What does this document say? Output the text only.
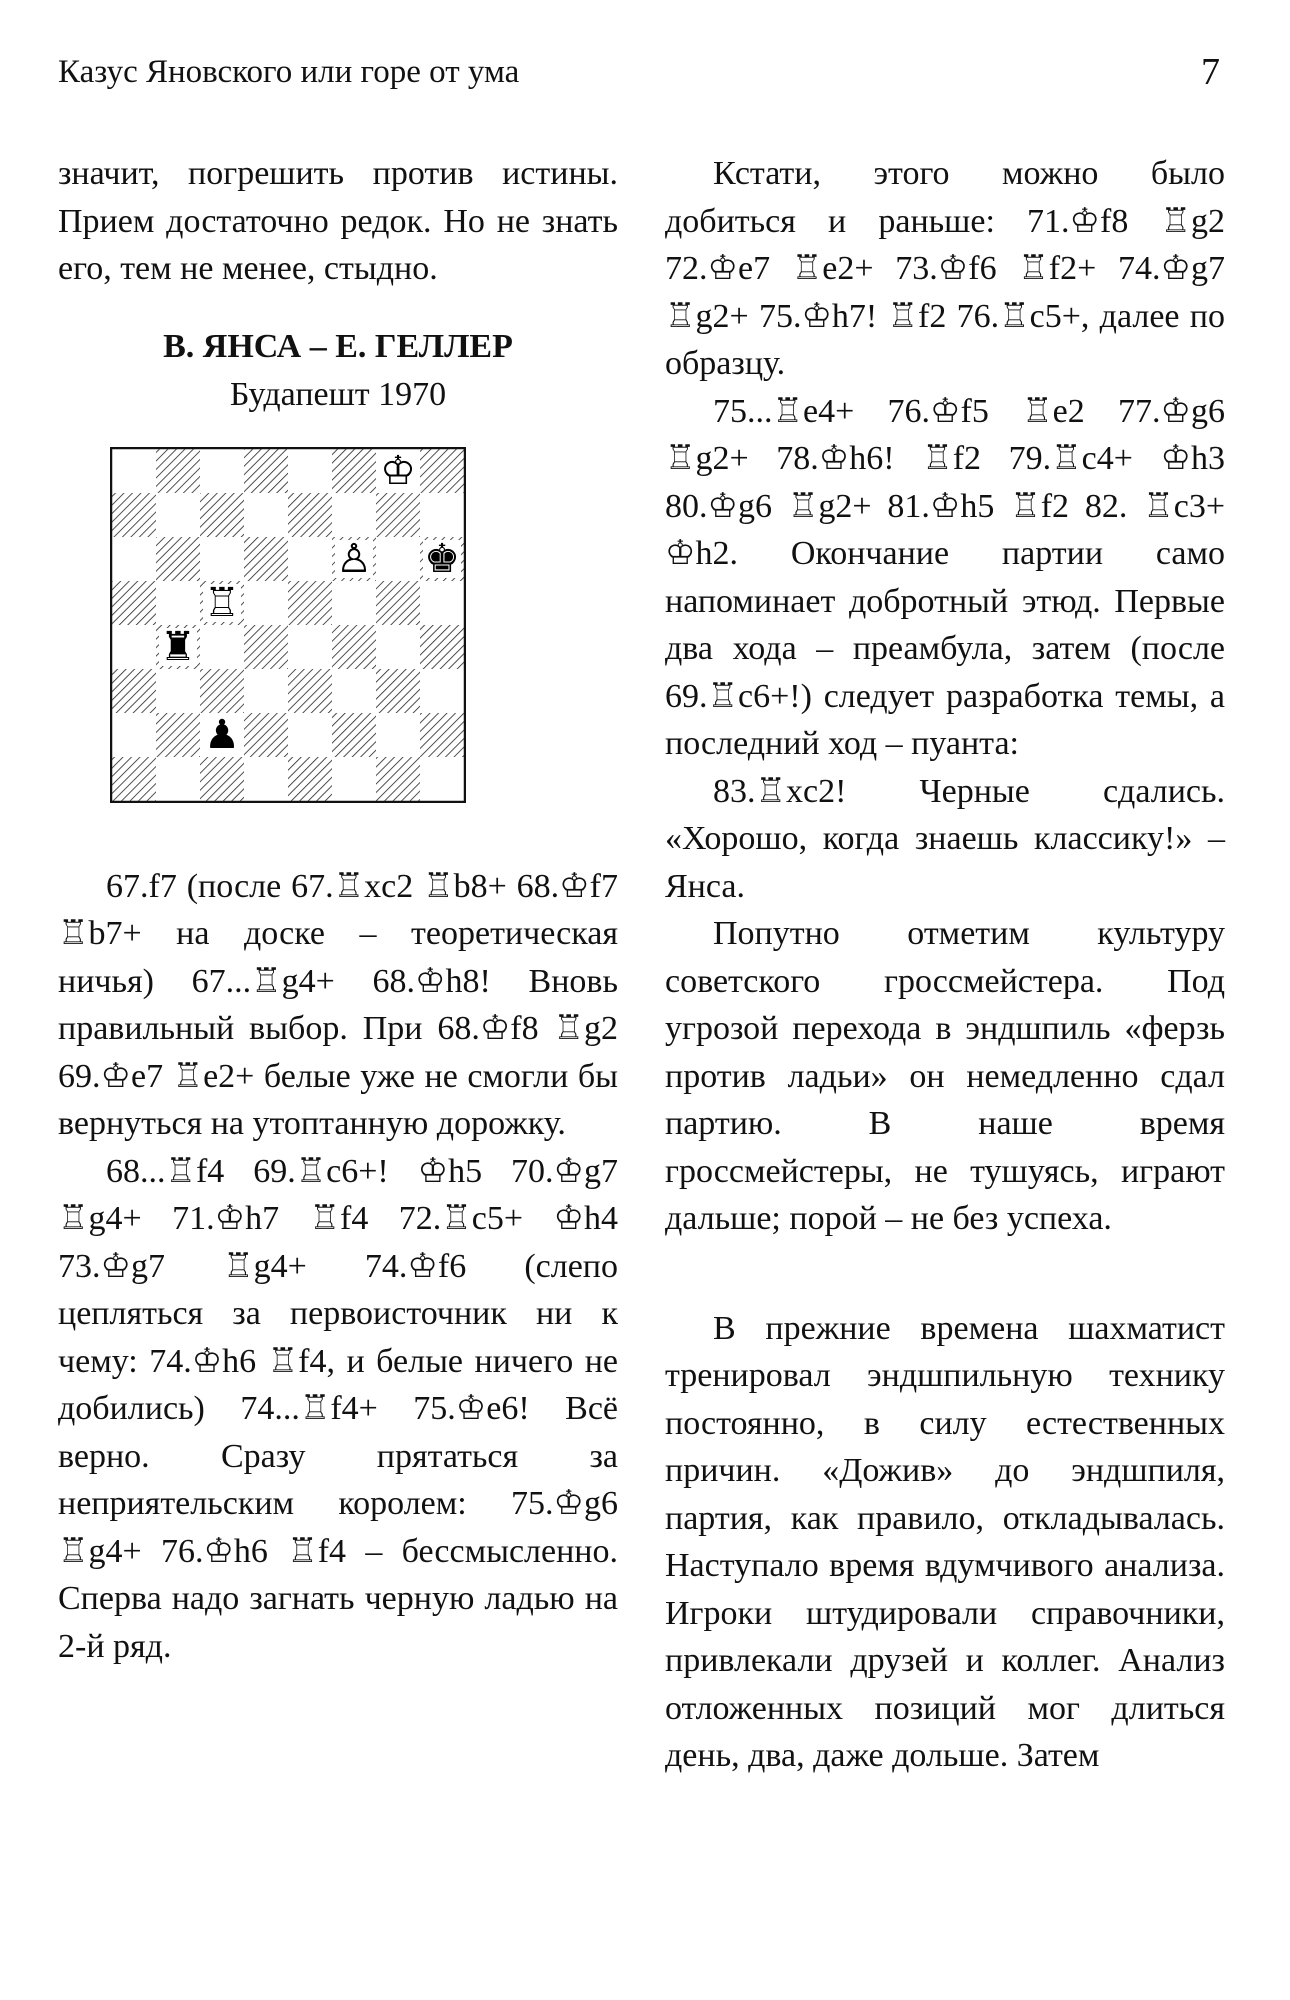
Казус Яновского или горе от ума	7

значит, погрешить против истины. Прием достаточно редок. Но не знать его, тем не менее, стыдно.

В. ЯНСА – Е. ГЕЛЛЕР
Будапешт 1970
♔
♚
♙
♖
♜
♟

67.f7 (после 67.♖xc2 ♖b8+ 68.♔f7 ♖b7+ на доске – теоретическая ничья) 67...♖g4+ 68.♔h8! Вновь правильный выбор. При 68.♔f8 ♖g2 69.♔e7 ♖e2+ белые уже не смогли бы вернуться на утоптанную дорожку.

68...♖f4 69.♖c6+! ♔h5 70.♔g7 ♖g4+ 71.♔h7 ♖f4 72.♖c5+ ♔h4 73.♔g7 ♖g4+ 74.♔f6 (слепо цепляться за первоисточник ни к чему: 74.♔h6 ♖f4, и белые ничего не добились) 74...♖f4+ 75.♔e6! Всё верно. Сразу прятаться за неприятельским королем: 75.♔g6 ♖g4+ 76.♔h6 ♖f4 – бессмысленно. Сперва надо загнать черную ладью на 2-й ряд.

Кстати, этого можно было добиться и раньше: 71.♔f8 ♖g2 72.♔e7 ♖e2+ 73.♔f6 ♖f2+ 74.♔g7 ♖g2+ 75.♔h7! ♖f2 76.♖c5+, далее по образцу.

75...♖e4+ 76.♔f5 ♖e2 77.♔g6 ♖g2+ 78.♔h6! ♖f2 79.♖c4+ ♔h3 80.♔g6 ♖g2+ 81.♔h5 ♖f2 82. ♖c3+ ♔h2. Окончание партии само напоминает добротный этюд. Первые два хода – преамбула, затем (после 69.♖c6+!) следует разработка темы, а последний ход – пуанта:

83.♖xc2! Черные сдались. «Хорошо, когда знаешь классику!» – Янса.

Попутно отметим культуру советского гроссмейстера. Под угрозой перехода в эндшпиль «ферзь против ладьи» он немедленно сдал партию. В наше время гроссмейстеры, не тушуясь, играют дальше; порой – не без успеха.

В прежние времена шахматист тренировал эндшпильную технику постоянно, в силу естественных причин. «Дожив» до эндшпиля, партия, как правило, откладывалась. Наступало время вдумчивого анализа. Игроки штудировали справочники, привлекали друзей и коллег. Анализ отложенных позиций мог длиться день, два, даже дольше. Затем
